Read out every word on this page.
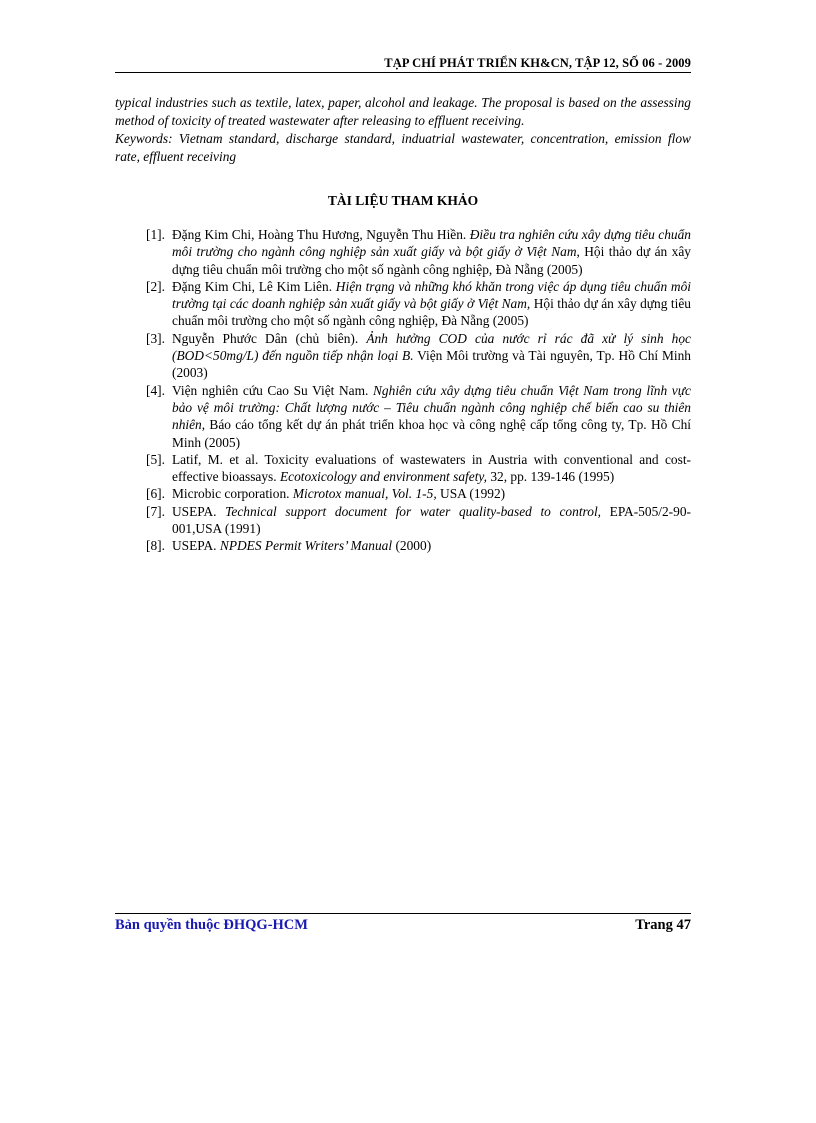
TẠP CHÍ PHÁT TRIỂN KH&CN, TẬP 12, SỐ 06 - 2009

typical industries such as textile, latex, paper, alcohol and leakage. The proposal is based on the assessing method of toxicity of treated wastewater after releasing to effluent receiving.

Keywords: Vietnam standard, discharge standard, induatrial wastewater, concentration, emission flow rate, effluent receiving

TÀI LIỆU THAM KHẢO
[1]. Đặng Kim Chi, Hoàng Thu Hương, Nguyễn Thu Hiền. Điều tra nghiên cứu xây dựng tiêu chuẩn môi trường cho ngành công nghiệp sản xuất giấy và bột giấy ở Việt Nam, Hội thảo dự án xây dựng tiêu chuẩn môi trường cho một số ngành công nghiệp, Đà Nẵng (2005)
[2]. Đặng Kim Chi, Lê Kim Liên. Hiện trạng và những khó khăn trong việc áp dụng tiêu chuẩn môi trường tại các doanh nghiệp sản xuất giấy và bột giấy ở Việt Nam, Hội thảo dự án xây dựng tiêu chuẩn môi trường cho một số ngành công nghiệp, Đà Nẵng (2005)
[3]. Nguyễn Phước Dân (chủ biên). Ảnh hưởng COD của nước rỉ rác đã xử lý sinh học (BOD<50mg/L) đến nguồn tiếp nhận loại B. Viện Môi trường và Tài nguyên, Tp. Hồ Chí Minh (2003)
[4]. Viện nghiên cứu Cao Su Việt Nam. Nghiên cứu xây dựng tiêu chuẩn Việt Nam trong lĩnh vực bảo vệ môi trường: Chất lượng nước – Tiêu chuẩn ngành công nghiệp chế biến cao su thiên nhiên, Báo cáo tổng kết dự án phát triển khoa học và công nghệ cấp tổng công ty, Tp. Hồ Chí Minh (2005)
[5]. Latif, M. et al. Toxicity evaluations of wastewaters in Austria with conventional and cost-effective bioassays. Ecotoxicology and environment safety, 32, pp. 139-146 (1995)
[6]. Microbic corporation. Microtox manual, Vol. 1-5, USA (1992)
[7]. USEPA. Technical support document for water quality-based to control, EPA-505/2-90-001,USA (1991)
[8]. USEPA. NPDES Permit Writers’ Manual (2000)
Bản quyền thuộc ĐHQG-HCM	Trang 47
